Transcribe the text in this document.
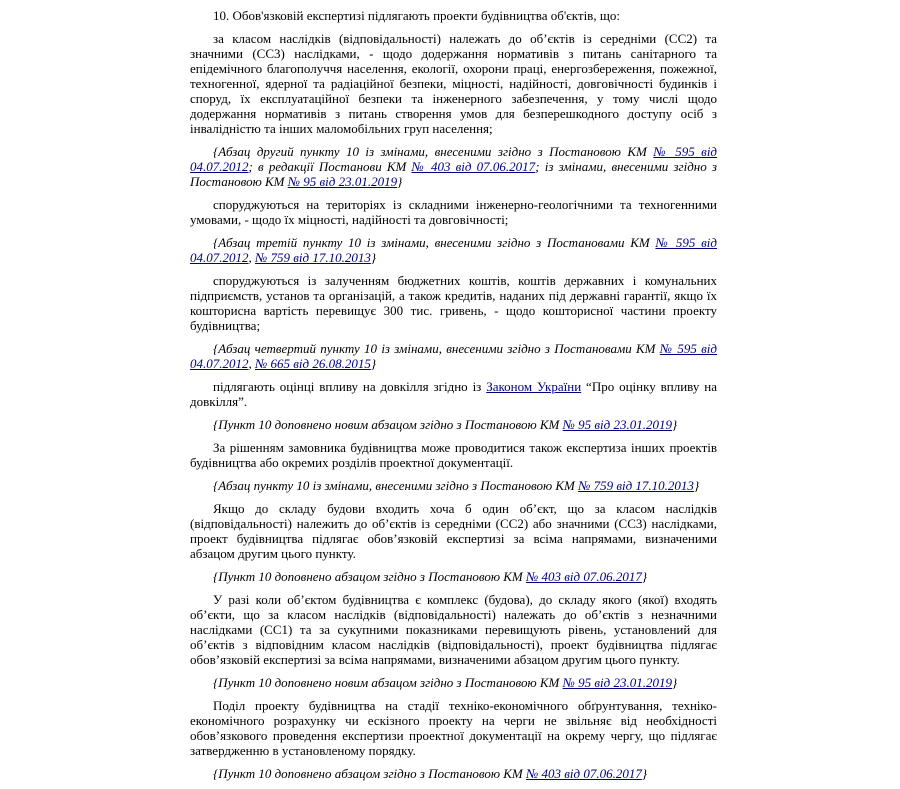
10. Обов'язковій експертизі підлягають проекти будівництва об'єктів, що:

за класом наслідків (відповідальності) належать до об’єктів із середніми (СС2) та значними (СС3) наслідками, - щодо додержання нормативів з питань санітарного та епідемічного благополуччя населення, екології, охорони праці, енергозбереження, пожежної, техногенної, ядерної та радіаційної безпеки, міцності, надійності, довговічності будинків і споруд, їх експлуатаційної безпеки та інженерного забезпечення, у тому числі щодо додержання нормативів з питань створення умов для безперешкодного доступу осіб з інвалідністю та інших маломобільних груп населення;

{Абзац другий пункту 10 із змінами, внесеними згідно з Постановою КМ № 595 від 04.07.2012; в редакції Постанови КМ № 403 від 07.06.2017; із змінами, внесеними згідно з Постановою КМ № 95 від 23.01.2019}

споруджуються на територіях із складними інженерно-геологічними та техногенними умовами, - щодо їх міцності, надійності та довговічності;

{Абзац третій пункту 10 із змінами, внесеними згідно з Постановами КМ № 595 від 04.07.2012, № 759 від 17.10.2013}

споруджуються із залученням бюджетних коштів, коштів державних і комунальних підприємств, установ та організацій, а також кредитів, наданих під державні гарантії, якщо їх кошторисна вартість перевищує 300 тис. гривень, - щодо кошторисної частини проекту будівництва;

{Абзац четвертий пункту 10 із змінами, внесеними згідно з Постановами КМ № 595 від 04.07.2012, № 665 від 26.08.2015}

підлягають оцінці впливу на довкілля згідно із Законом України “Про оцінку впливу на довкілля”.

{Пункт 10 доповнено новим абзацом згідно з Постановою КМ № 95 від 23.01.2019}

За рішенням замовника будівництва може проводитися також експертиза інших проектів будівництва або окремих розділів проектної документації.

{Абзац пункту 10 із змінами, внесеними згідно з Постановою КМ № 759 від 17.10.2013}

Якщо до складу будови входить хоча б один об’єкт, що за класом наслідків (відповідальності) належить до об’єктів із середніми (СС2) або значними (СС3) наслідками, проект будівництва підлягає обов’язковій експертизі за всіма напрямами, визначеними абзацом другим цього пункту.

{Пункт 10 доповнено абзацом згідно з Постановою КМ № 403 від 07.06.2017}

У разі коли об’єктом будівництва є комплекс (будова), до складу якого (якої) входять об’єкти, що за класом наслідків (відповідальності) належать до об’єктів з незначними наслідками (СС1) та за сукупними показниками перевищують рівень, установлений для об’єктів з відповідним класом наслідків (відповідальності), проект будівництва підлягає обов’язковій експертизі за всіма напрямами, визначеними абзацом другим цього пункту.

{Пункт 10 доповнено новим абзацом згідно з Постановою КМ № 95 від 23.01.2019}

Поділ проекту будівництва на стадії техніко-економічного обґрунтування, техніко-економічного розрахунку чи ескізного проекту на черги не звільняє від необхідності обов’язкового проведення експертизи проектної документації на окрему чергу, що підлягає затвердженню в установленому порядку.

{Пункт 10 доповнено абзацом згідно з Постановою КМ № 403 від 07.06.2017}
